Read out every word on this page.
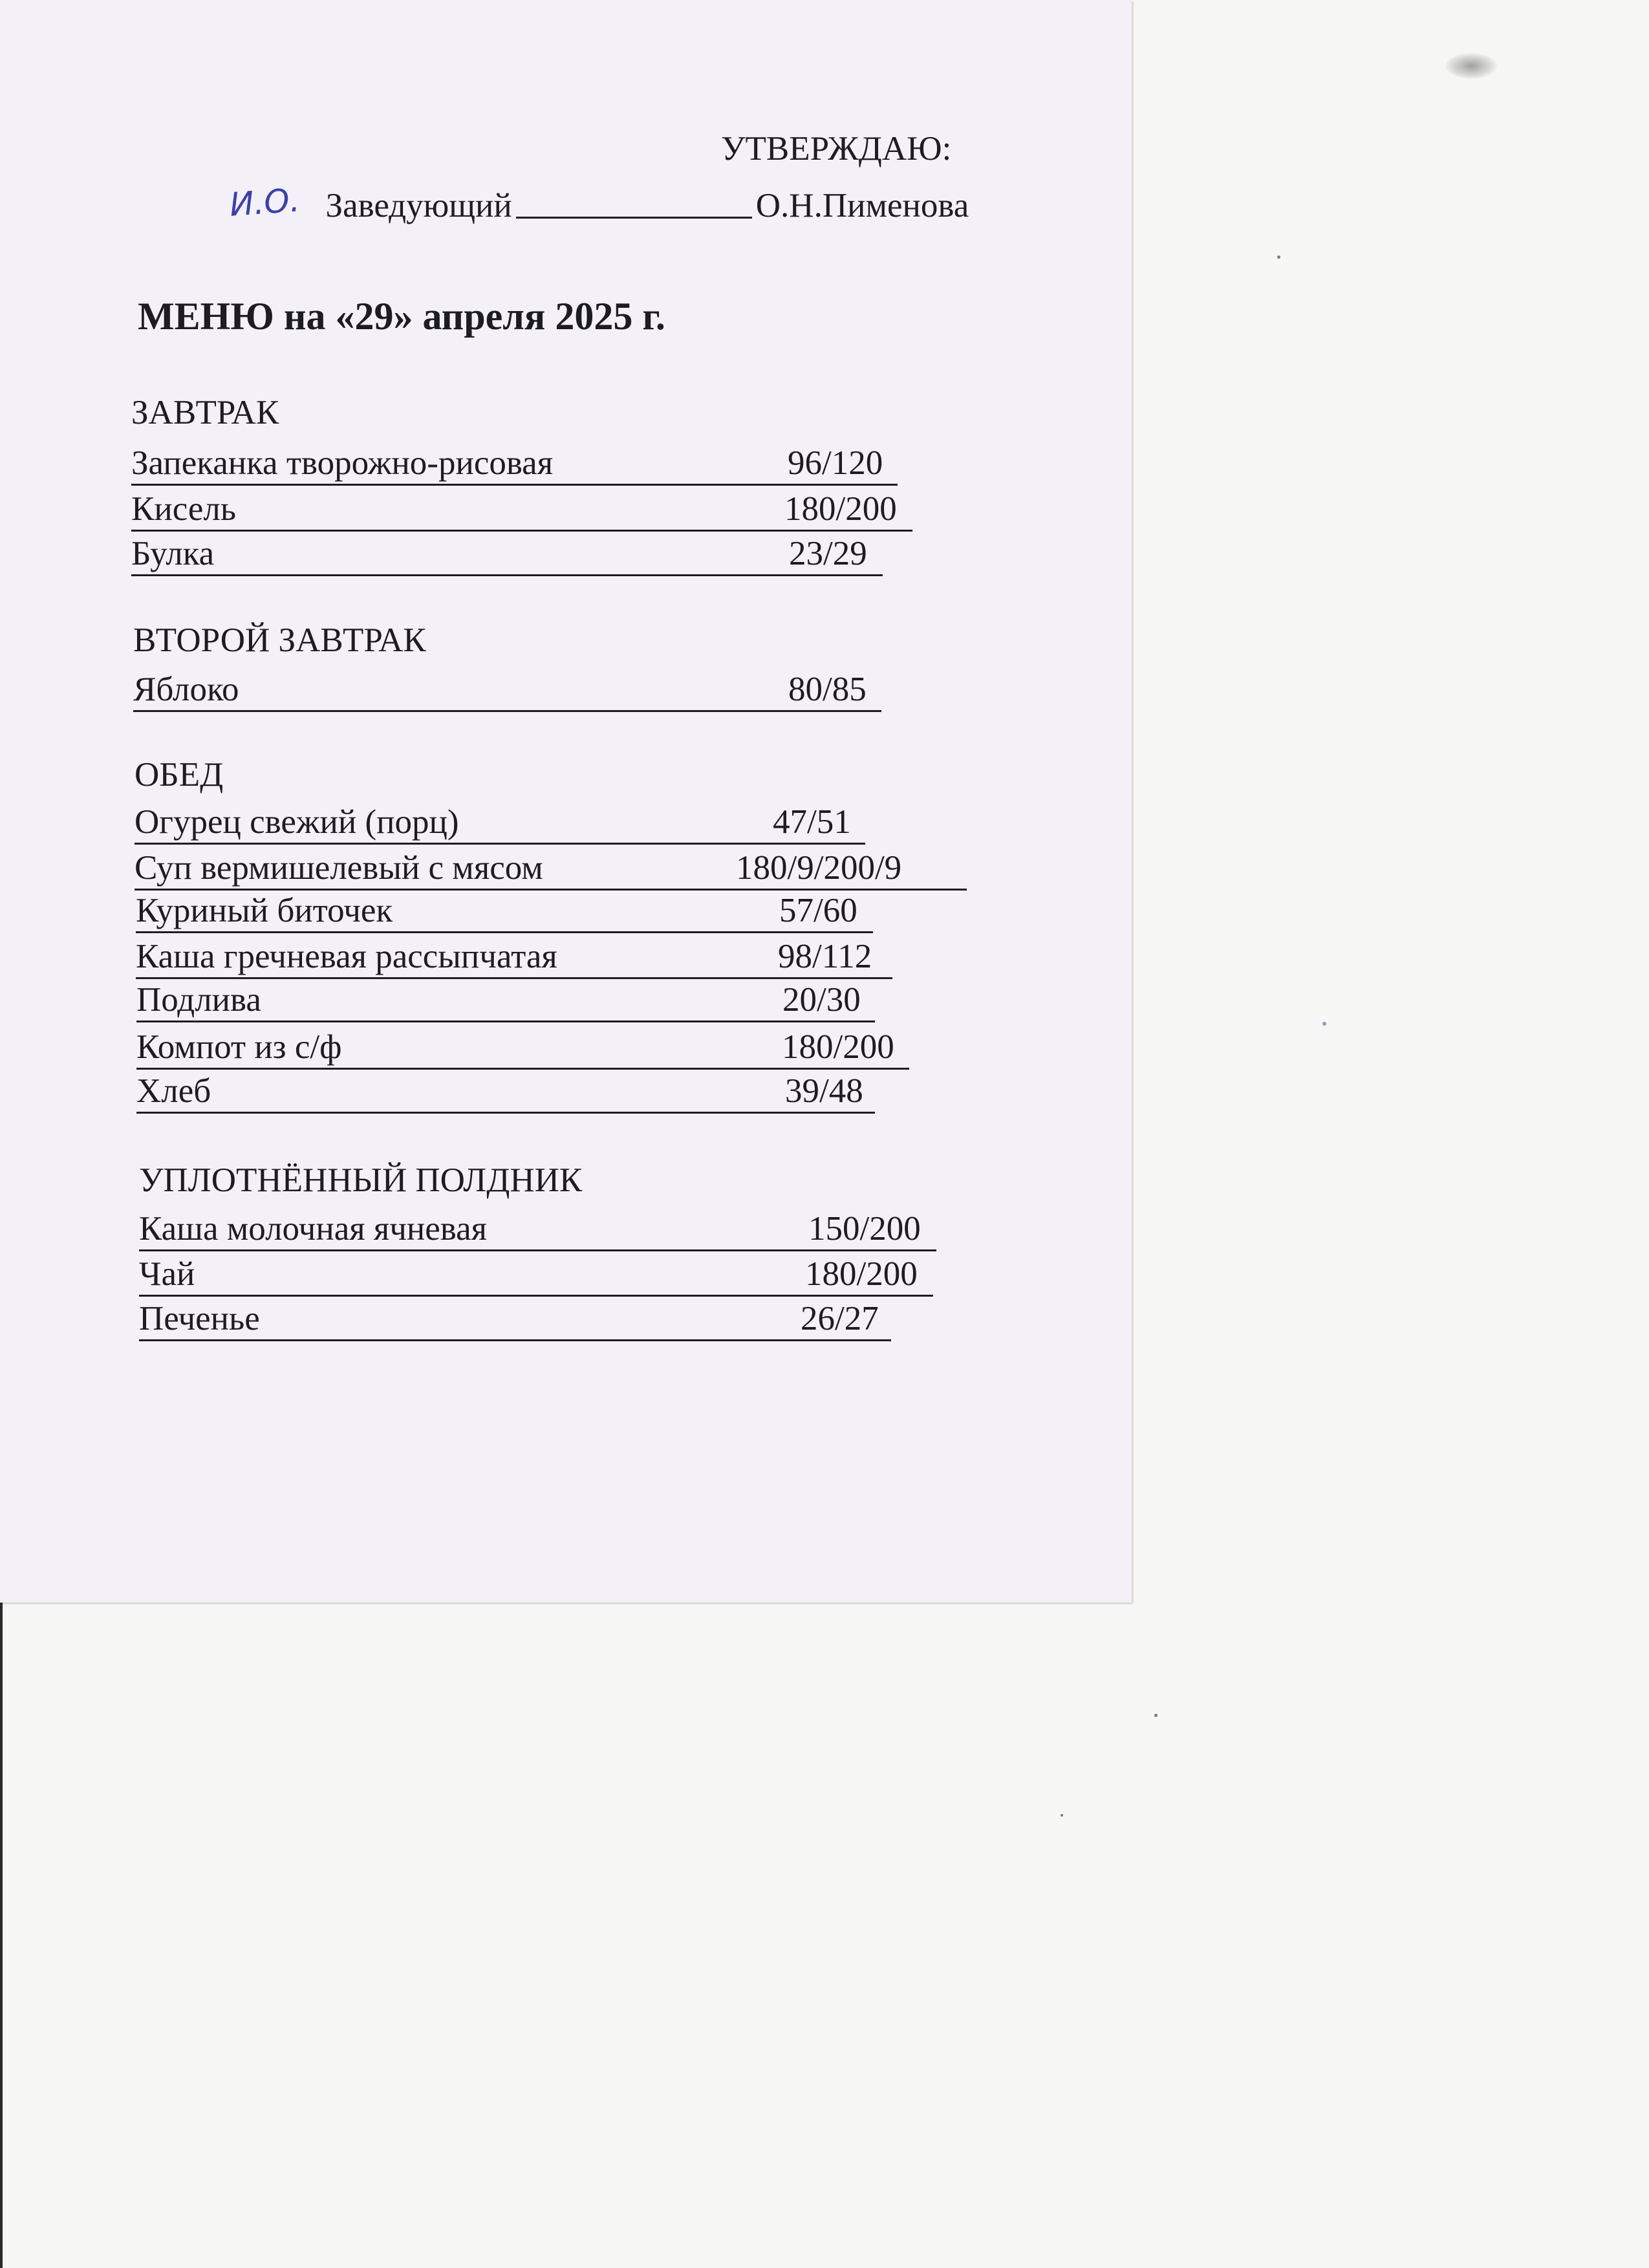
УТВЕРЖДАЮ:
И.О. Заведующий	О.Н.Пименова
МЕНЮ на «29» апреля 2025 г.
ЗАВТРАК
Запеканка творожно-рисовая	96/120
Кисель	180/200
Булка	23/29
ВТОРОЙ ЗАВТРАК
Яблоко	80/85
ОБЕД
Огурец свежий (порц)	47/51
Суп вермишелевый с мясом	180/9/200/9
Куриный биточек	57/60
Каша гречневая рассыпчатая	98/112
Подлива	20/30
Компот из с/ф	180/200
Хлеб	39/48
УПЛОТНЁННЫЙ ПОЛДНИК
Каша молочная ячневая	150/200
Чай	180/200
Печенье	26/27
